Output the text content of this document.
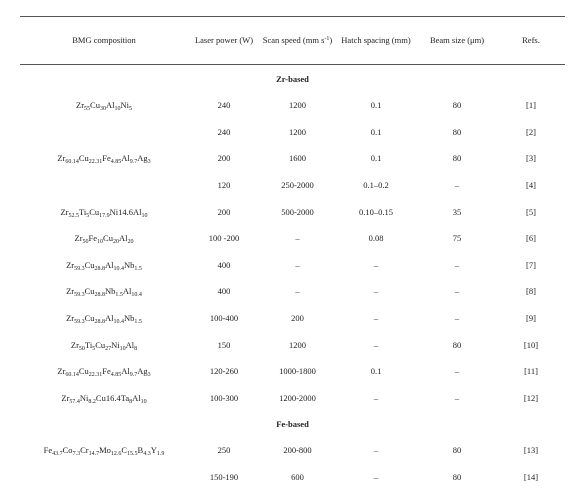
BMG composition	Laser power (W)	Scan speed (mm $s^{-1}$)	Hatch spacing (mm)	Beam size (μm)	Refs.
Zr-based					
$Zr_{55}Cu_{30}Al_{10}Ni_5$	240	1200	0.1	80	[1]
	240	1200	0.1	80	[2]
$Zr_{60.14}Cu_{22.31}Fe_{4.85}Al_{9.7}Ag_3$	200	1600	0.1	80	[3]
	120	250-2000	0.1–0.2	–	[4]
$Zr_{52.5}Ti_5Cu_{17.9}Ni14.6Al_{10}$	200	500-2000	0.10–0.15	35	[5]
$Zr_{50}Fe_{10}Cu_{20}Al_{20}$	100 -200	–	0.08	75	[6]
$Zr_{59.3}Cu_{28.8}Al_{10.4}Nb_{1.5}$	400	–	–	–	[7]
$Zr_{59.3}Cu_{28.8}Nb_{1.5}Al_{10.4}$	400	–	–	–	[8]
$Zr_{59.3}Cu_{28.8}Al_{10.4}Nb_{1.5}$	100-400	200	–	–	[9]
$Zr_{50}Ti_5Cu_{27}Ni_{10}Al_8$	150	1200	–	80	[10]
$Zr_{60.14}Cu_{22.31}Fe_{4.85}Al_{9.7}Ag_3$	120-260	1000-1800	0.1	–	[11]
$Zr_{57.4}Ni_{8.2}Cu16.4Ta_8Al_{10}$	100-300	1200-2000	–	–	[12]
Fe-based					
$Fe_{43.7}Co_{7.3}Cr_{14.7}Mo_{12.6}C_{15.5}B_{4.3}Y_{1.9}$	250	200-800	–	80	[13]
	150-190	600	–	80	[14]
